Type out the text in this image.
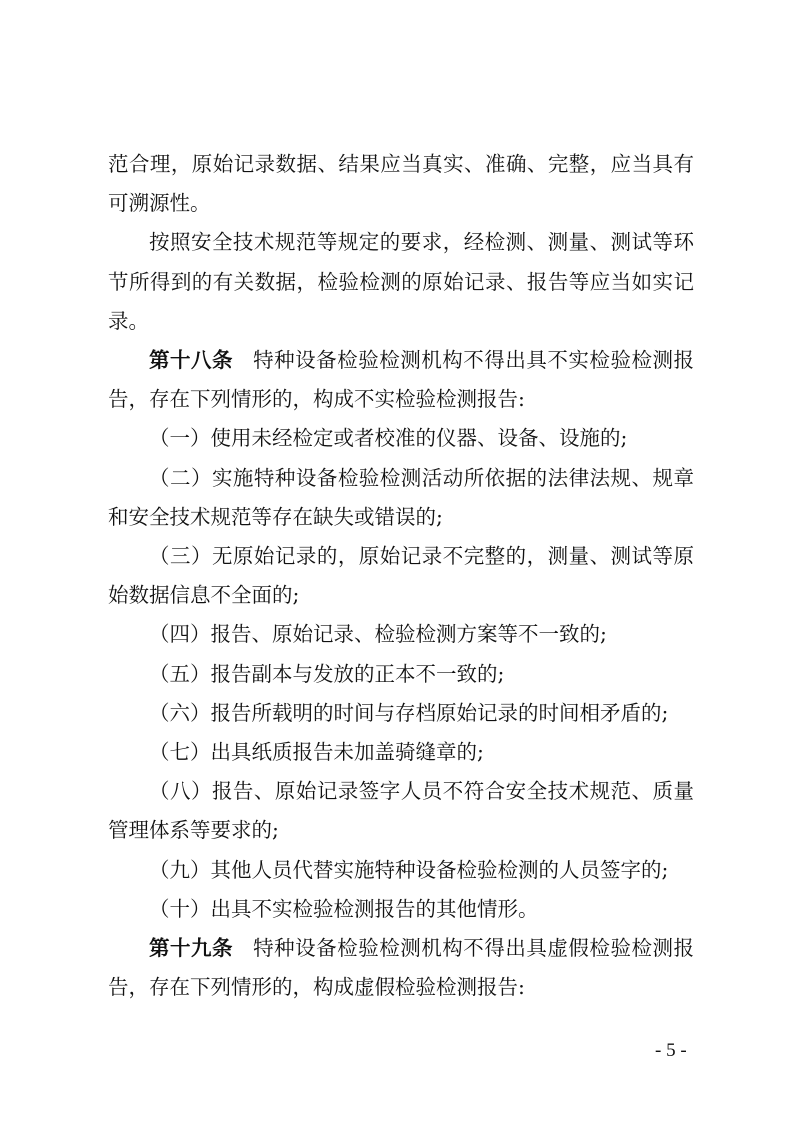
范合理，原始记录数据、结果应当真实、准确、完整，应当具有可溯源性。

按照安全技术规范等规定的要求，经检测、测量、测试等环节所得到的有关数据，检验检测的原始记录、报告等应当如实记录。

第十八条 特种设备检验检测机构不得出具不实检验检测报告，存在下列情形的，构成不实检验检测报告:

（一）使用未经检定或者校准的仪器、设备、设施的;

（二）实施特种设备检验检测活动所依据的法律法规、规章和安全技术规范等存在缺失或错误的;

（三）无原始记录的，原始记录不完整的，测量、测试等原始数据信息不全面的;

（四）报告、原始记录、检验检测方案等不一致的;

（五）报告副本与发放的正本不一致的;

（六）报告所载明的时间与存档原始记录的时间相矛盾的;

（七）出具纸质报告未加盖骑缝章的;

（八）报告、原始记录签字人员不符合安全技术规范、质量管理体系等要求的;

（九）其他人员代替实施特种设备检验检测的人员签字的;

（十）出具不实检验检测报告的其他情形。

第十九条 特种设备检验检测机构不得出具虚假检验检测报告，存在下列情形的，构成虚假检验检测报告:

- 5 -
